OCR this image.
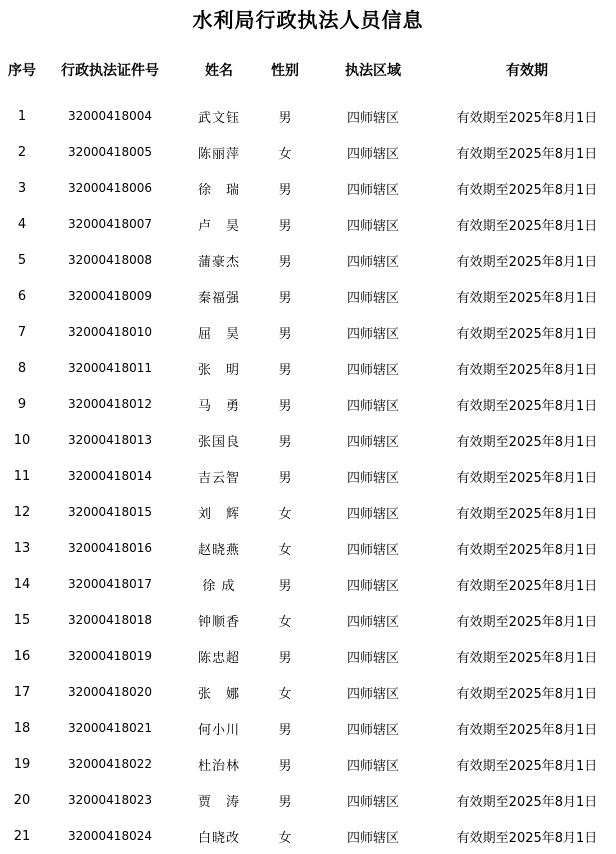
水利局行政执法人员信息
序号	行政执法证件号	姓名	性别	执法区域	有效期

1	32000418004	武文钰	男	四师辖区	有效期至2025年8月1日
2	32000418005	陈丽萍	女	四师辖区	有效期至2025年8月1日
3	32000418006	徐　瑞	男	四师辖区	有效期至2025年8月1日
4	32000418007	卢　昊	男	四师辖区	有效期至2025年8月1日
5	32000418008	蒲豪杰	男	四师辖区	有效期至2025年8月1日
6	32000418009	秦福强	男	四师辖区	有效期至2025年8月1日
7	32000418010	屈　昊	男	四师辖区	有效期至2025年8月1日
8	32000418011	张　明	男	四师辖区	有效期至2025年8月1日
9	32000418012	马　勇	男	四师辖区	有效期至2025年8月1日
10	32000418013	张国良	男	四师辖区	有效期至2025年8月1日
11	32000418014	吉云智	男	四师辖区	有效期至2025年8月1日
12	32000418015	刘　辉	女	四师辖区	有效期至2025年8月1日
13	32000418016	赵晓燕	女	四师辖区	有效期至2025年8月1日
14	32000418017	徐 成	男	四师辖区	有效期至2025年8月1日
15	32000418018	钟顺香	女	四师辖区	有效期至2025年8月1日
16	32000418019	陈忠超	男	四师辖区	有效期至2025年8月1日
17	32000418020	张　娜	女	四师辖区	有效期至2025年8月1日
18	32000418021	何小川	男	四师辖区	有效期至2025年8月1日
19	32000418022	杜治林	男	四师辖区	有效期至2025年8月1日
20	32000418023	贾　涛	男	四师辖区	有效期至2025年8月1日
21	32000418024	白晓改	女	四师辖区	有效期至2025年8月1日
